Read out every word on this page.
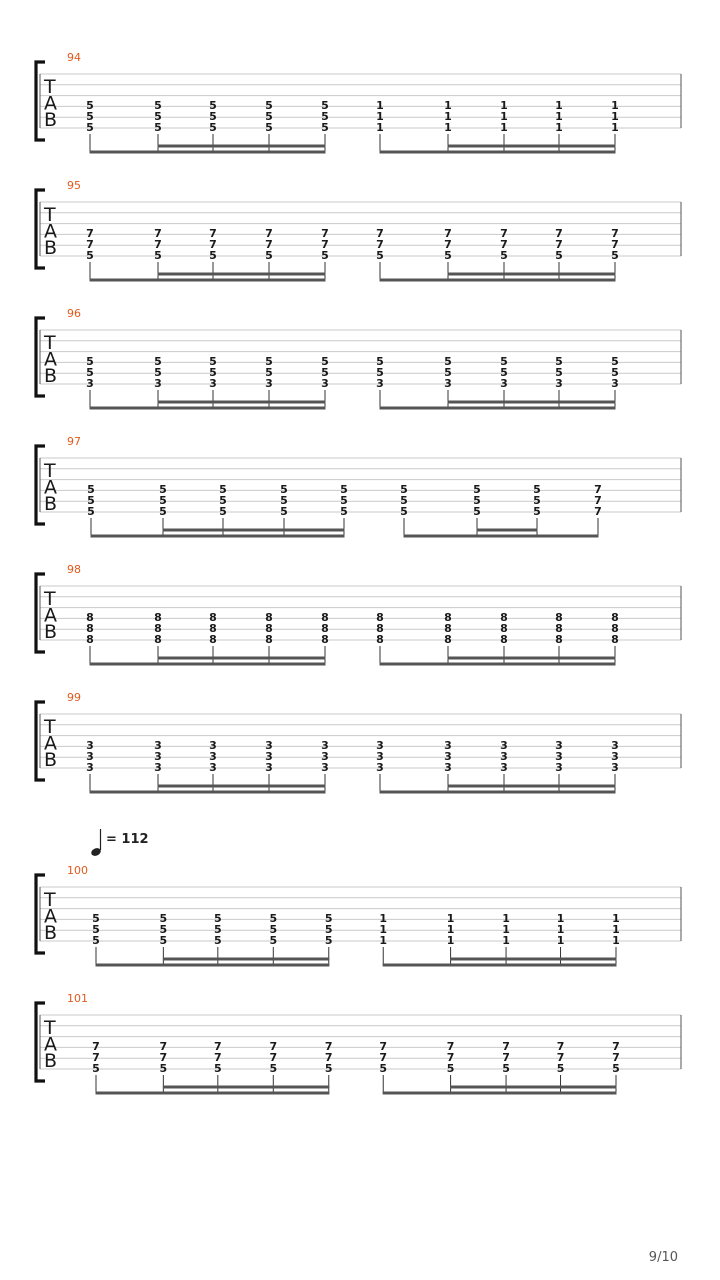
= 112
94
T
A
B
5
5
5
5
5
5
5
5
5
5
5
5
5
5
5
1
1
1
1
1
1
1
1
1
1
1
1
1
1
1
95
T
A
B
7
7
5
7
7
5
7
7
5
7
7
5
7
7
5
7
7
5
7
7
5
7
7
5
7
7
5
7
7
5
96
T
A
B
5
5
3
5
5
3
5
5
3
5
5
3
5
5
3
5
5
3
5
5
3
5
5
3
5
5
3
5
5
3
97
T
A
B
5
5
5
5
5
5
5
5
5
5
5
5
5
5
5
5
5
5
5
5
5
5
5
5
7
7
7
98
T
A
B
8
8
8
8
8
8
8
8
8
8
8
8
8
8
8
8
8
8
8
8
8
8
8
8
8
8
8
8
8
8
99
T
A
B
3
3
3
3
3
3
3
3
3
3
3
3
3
3
3
3
3
3
3
3
3
3
3
3
3
3
3
3
3
3
100
T
A
B
5
5
5
5
5
5
5
5
5
5
5
5
5
5
5
1
1
1
1
1
1
1
1
1
1
1
1
1
1
1
101
T
A
B
7
7
5
7
7
5
7
7
5
7
7
5
7
7
5
7
7
5
7
7
5
7
7
5
7
7
5
7
7
5
9/10
